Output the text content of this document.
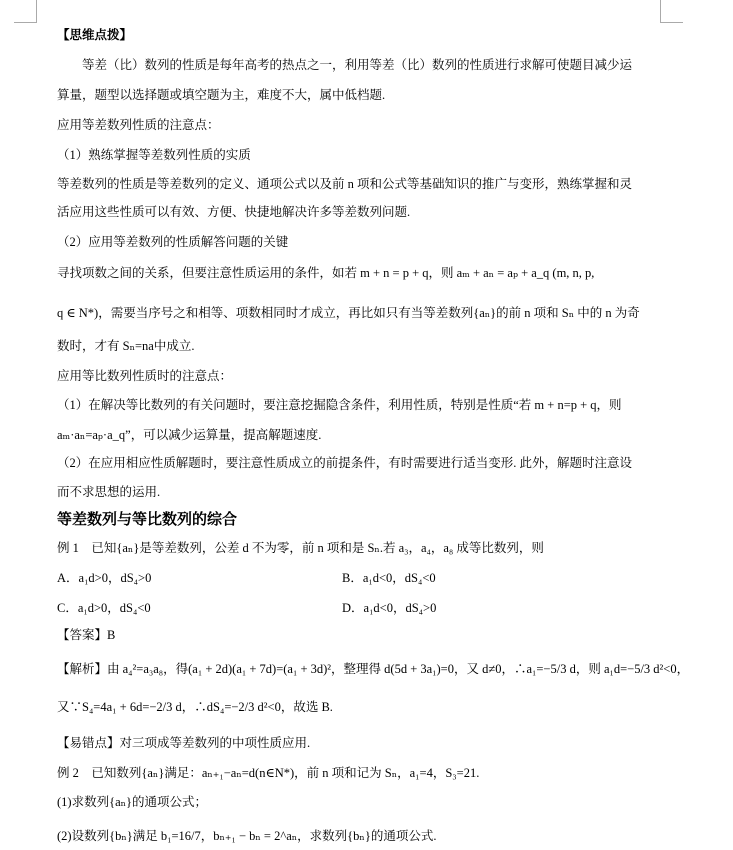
【思维点拨】
等差（比）数列的性质是每年高考的热点之一，利用等差（比）数列的性质进行求解可使题目减少运
算量，题型以选择题或填空题为主，难度不大，属中低档题.
应用等差数列性质的注意点：
（1）熟练掌握等差数列性质的实质
等差数列的性质是等差数列的定义、通项公式以及前 n 项和公式等基础知识的推广与变形，熟练掌握和灵
活应用这些性质可以有效、方便、快捷地解决许多等差数列问题.
（2）应用等差数列的性质解答问题的关键
寻找项数之间的关系，但要注意性质运用的条件，如若 m + n = p + q，则 aₘ + aₙ = aₚ + a_q (m, n, p,
q ∈ N*)，需要当序号之和相等、项数相同时才成立，再比如只有当等差数列{aₙ}的前 n 项和 Sₙ 中的 n 为奇
数时，才有 Sₙ=na中成立.
应用等比数列性质时的注意点：
（1）在解决等比数列的有关问题时，要注意挖掘隐含条件，利用性质，特别是性质“若 m + n=p + q，则
aₘ·aₙ=aₚ·a_q”，可以减少运算量，提高解题速度.
（2）在应用相应性质解题时，要注意性质成立的前提条件，有时需要进行适当变形. 此外，解题时注意设
而不求思想的运用.
等差数列与等比数列的综合
例 1　已知{aₙ}是等差数列，公差 d 不为零，前 n 项和是 Sₙ.若 a₃，a₄，a₈ 成等比数列，则
A．a₁d>0，dS₄>0	B．a₁d<0，dS₄<0
C．a₁d>0，dS₄<0	D．a₁d<0，dS₄>0
【答案】B
【解析】由 a₄²=a₃a₈，得(a₁ + 2d)(a₁ + 7d)=(a₁ + 3d)²，整理得 d(5d + 3a₁)=0，又 d≠0，∴a₁=−5/3 d，则 a₁d=−5/3 d²<0，
又∵S₄=4a₁ + 6d=−2/3 d，∴dS₄=−2/3 d²<0，故选 B.
【易错点】对三项成等差数列的中项性质应用.
例 2　已知数列{aₙ}满足：aₙ₊₁−aₙ=d(n∈N*)，前 n 项和记为 Sₙ，a₁=4，S₃=21.
(1)求数列{aₙ}的通项公式；
(2)设数列{bₙ}满足 b₁=16/7，bₙ₊₁ − bₙ = 2^aₙ，求数列{bₙ}的通项公式.
